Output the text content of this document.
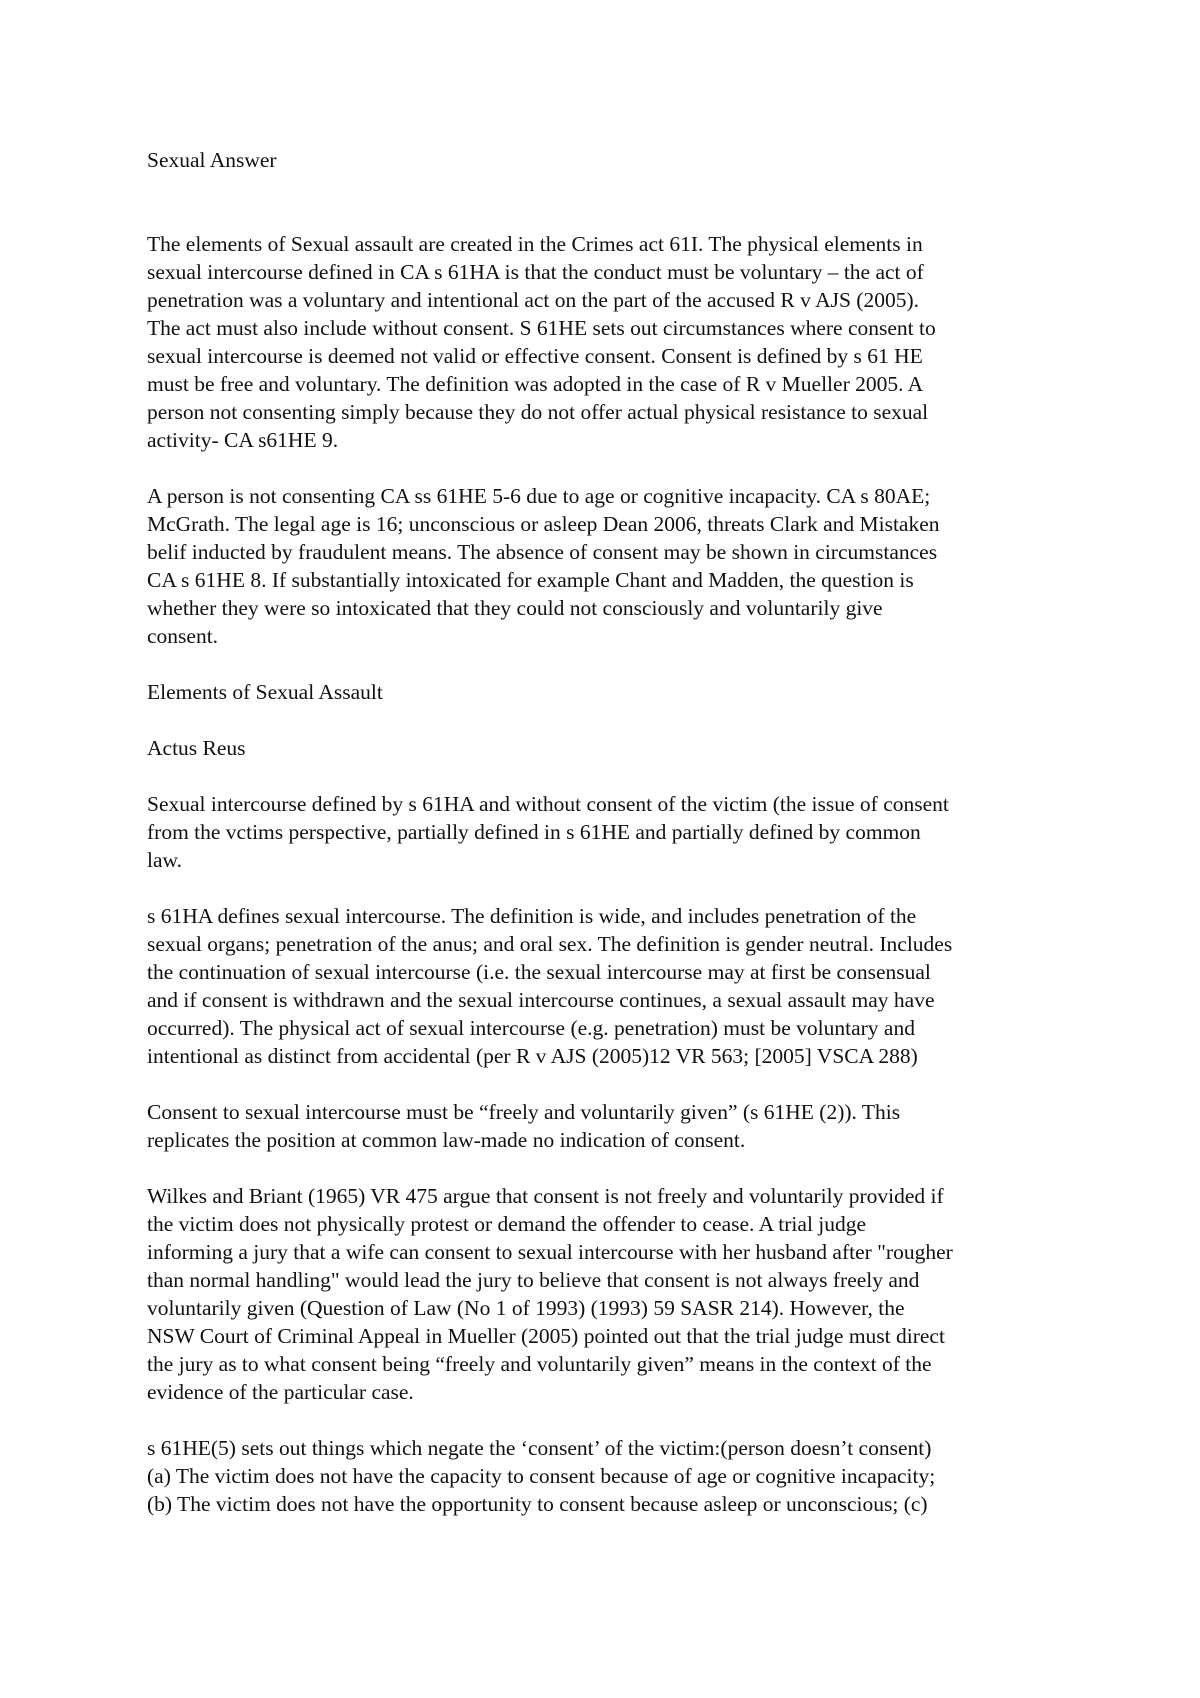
Sexual Answer

The elements of Sexual assault are created in the Crimes act 61I. The physical elements in
sexual intercourse defined in CA s 61HA is that the conduct must be voluntary – the act of
penetration was a voluntary and intentional act on the part of the accused R v AJS (2005).
The act must also include without consent. S 61HE sets out circumstances where consent to
sexual intercourse is deemed not valid or effective consent. Consent is defined by s 61 HE
must be free and voluntary. The definition was adopted in the case of R v Mueller 2005. A
person not consenting simply because they do not offer actual physical resistance to sexual
activity- CA s61HE 9.

A person is not consenting CA ss 61HE 5-6 due to age or cognitive incapacity. CA s 80AE;
McGrath. The legal age is 16; unconscious or asleep Dean 2006, threats Clark and Mistaken
belif inducted by fraudulent means. The absence of consent may be shown in circumstances
CA s 61HE 8. If substantially intoxicated for example Chant and Madden, the question is
whether they were so intoxicated that they could not consciously and voluntarily give
consent.

Elements of Sexual Assault

Actus Reus

Sexual intercourse defined by s 61HA and without consent of the victim (the issue of consent
from the vctims perspective, partially defined in s 61HE and partially defined by common
law.

s 61HA defines sexual intercourse. The definition is wide, and includes penetration of the
sexual organs; penetration of the anus; and oral sex. The definition is gender neutral. Includes
the continuation of sexual intercourse (i.e. the sexual intercourse may at first be consensual
and if consent is withdrawn and the sexual intercourse continues, a sexual assault may have
occurred). The physical act of sexual intercourse (e.g. penetration) must be voluntary and
intentional as distinct from accidental (per R v AJS (2005)12 VR 563; [2005] VSCA 288)

Consent to sexual intercourse must be “freely and voluntarily given” (s 61HE (2)). This
replicates the position at common law-made no indication of consent.

Wilkes and Briant (1965) VR 475 argue that consent is not freely and voluntarily provided if
the victim does not physically protest or demand the offender to cease. A trial judge
informing a jury that a wife can consent to sexual intercourse with her husband after "rougher
than normal handling" would lead the jury to believe that consent is not always freely and
voluntarily given (Question of Law (No 1 of 1993) (1993) 59 SASR 214). However, the
NSW Court of Criminal Appeal in Mueller (2005) pointed out that the trial judge must direct
the jury as to what consent being “freely and voluntarily given” means in the context of the
evidence of the particular case.

s 61HE(5) sets out things which negate the ‘consent’ of the victim:(person doesn’t consent)
(a) The victim does not have the capacity to consent because of age or cognitive incapacity;
(b) The victim does not have the opportunity to consent because asleep or unconscious; (c)
